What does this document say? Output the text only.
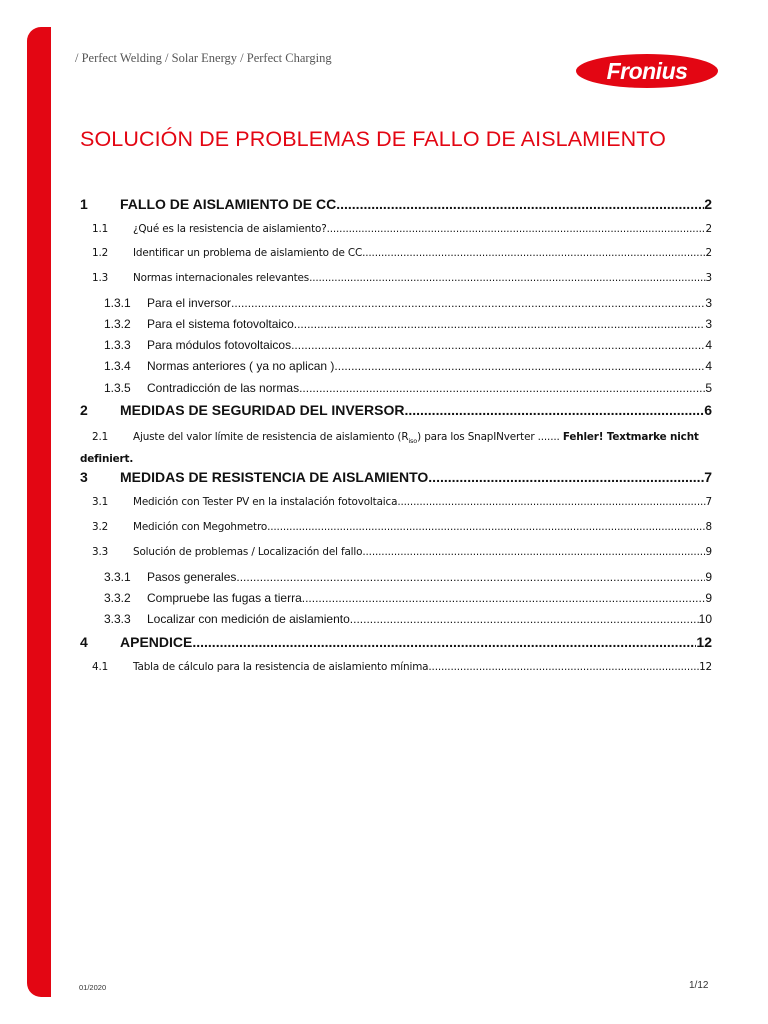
/ Perfect Welding / Solar Energy / Perfect Charging	Fronius
SOLUCIÓN DE PROBLEMAS DE FALLO DE AISLAMIENTO
1	FALLO DE AISLAMIENTO DE CC .....	2
1.1	¿Qué es la resistencia de aislamiento? .....	2
1.2	Identificar un problema de aislamiento de CC .....	2
1.3	Normas internacionales relevantes .....	3
1.3.1	Para el inversor .....	3
1.3.2	Para el sistema fotovoltaico .....	3
1.3.3	Para módulos fotovoltaicos .....	4
1.3.4	Normas anteriores ( ya no aplican ) .....	4
1.3.5	Contradicción de las normas .....	5
2	MEDIDAS DE SEGURIDAD DEL INVERSOR .....	6
2.1 Ajuste del valor límite de resistencia de aislamiento $(R_{iso})$ para los SnapINverter ....... Fehler! Textmarke nicht definiert.
3	MEDIDAS DE RESISTENCIA DE AISLAMIENTO .....	7
3.1	Medición con Tester PV en la instalación fotovoltaica .....	7
3.2	Medición con Megohmetro .....	8
3.3	Solución de problemas / Localización del fallo .....	9
3.3.1	Pasos generales .....	9
3.3.2	Compruebe las fugas a tierra .....	9
3.3.3	Localizar con medición de aislamiento .....	10
4	APENDICE .....	12
4.1	Tabla de cálculo para la resistencia de aislamiento mínima .....	12
01/2020	1/12
